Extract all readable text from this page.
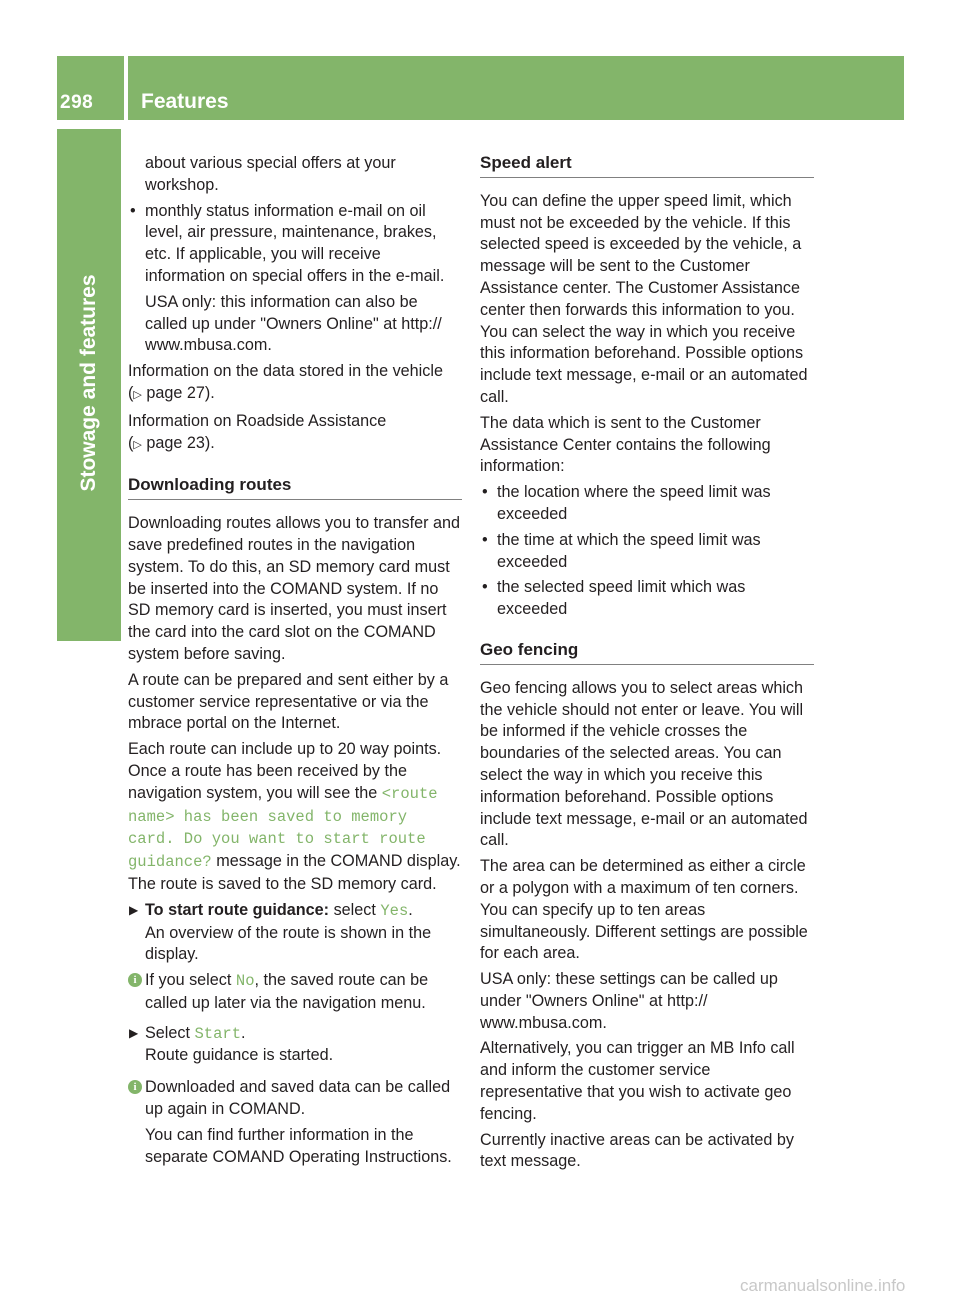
298 Features
Stowage and features

about various special offers at your workshop.

• monthly status information e-mail on oil level, air pressure, maintenance, brakes, etc. If applicable, you will receive information on special offers in the e-mail.

USA only: this information can also be called up under "Owners Online" at http:// www.mbusa.com.

Information on the data stored in the vehicle
(▷ page 27).

Information on Roadside Assistance
(▷ page 23).

Downloading routes

Downloading routes allows you to transfer and save predefined routes in the navigation system. To do this, an SD memory card must be inserted into the COMAND system. If no SD memory card is inserted, you must insert the card into the card slot on the COMAND system before saving.

A route can be prepared and sent either by a customer service representative or via the mbrace portal on the Internet.

Each route can include up to 20 way points. Once a route has been received by the navigation system, you will see the <route name> has been saved to memory card. Do you want to start route guidance? message in the COMAND display. The route is saved to the SD memory card.

▶ To start route guidance: select Yes.
An overview of the route is shown in the display.
i If you select No, the saved route can be called up later via the navigation menu.
▶ Select Start.
Route guidance is started.
i Downloaded and saved data can be called up again in COMAND.

You can find further information in the separate COMAND Operating Instructions.

Speed alert

You can define the upper speed limit, which must not be exceeded by the vehicle. If this selected speed is exceeded by the vehicle, a message will be sent to the Customer Assistance center. The Customer Assistance center then forwards this information to you. You can select the way in which you receive this information beforehand. Possible options include text message, e-mail or an automated call.

The data which is sent to the Customer Assistance Center contains the following information:

• the location where the speed limit was exceeded
• the time at which the speed limit was exceeded
• the selected speed limit which was exceeded
Geo fencing

Geo fencing allows you to select areas which the vehicle should not enter or leave. You will be informed if the vehicle crosses the boundaries of the selected areas. You can select the way in which you receive this information beforehand. Possible options include text message, e-mail or an automated call.

The area can be determined as either a circle or a polygon with a maximum of ten corners. You can specify up to ten areas simultaneously. Different settings are possible for each area.

USA only: these settings can be called up under "Owners Online" at http:// www.mbusa.com.

Alternatively, you can trigger an MB Info call and inform the customer service representative that you wish to activate geo fencing.

Currently inactive areas can be activated by text message.

carmanualsonline.info
